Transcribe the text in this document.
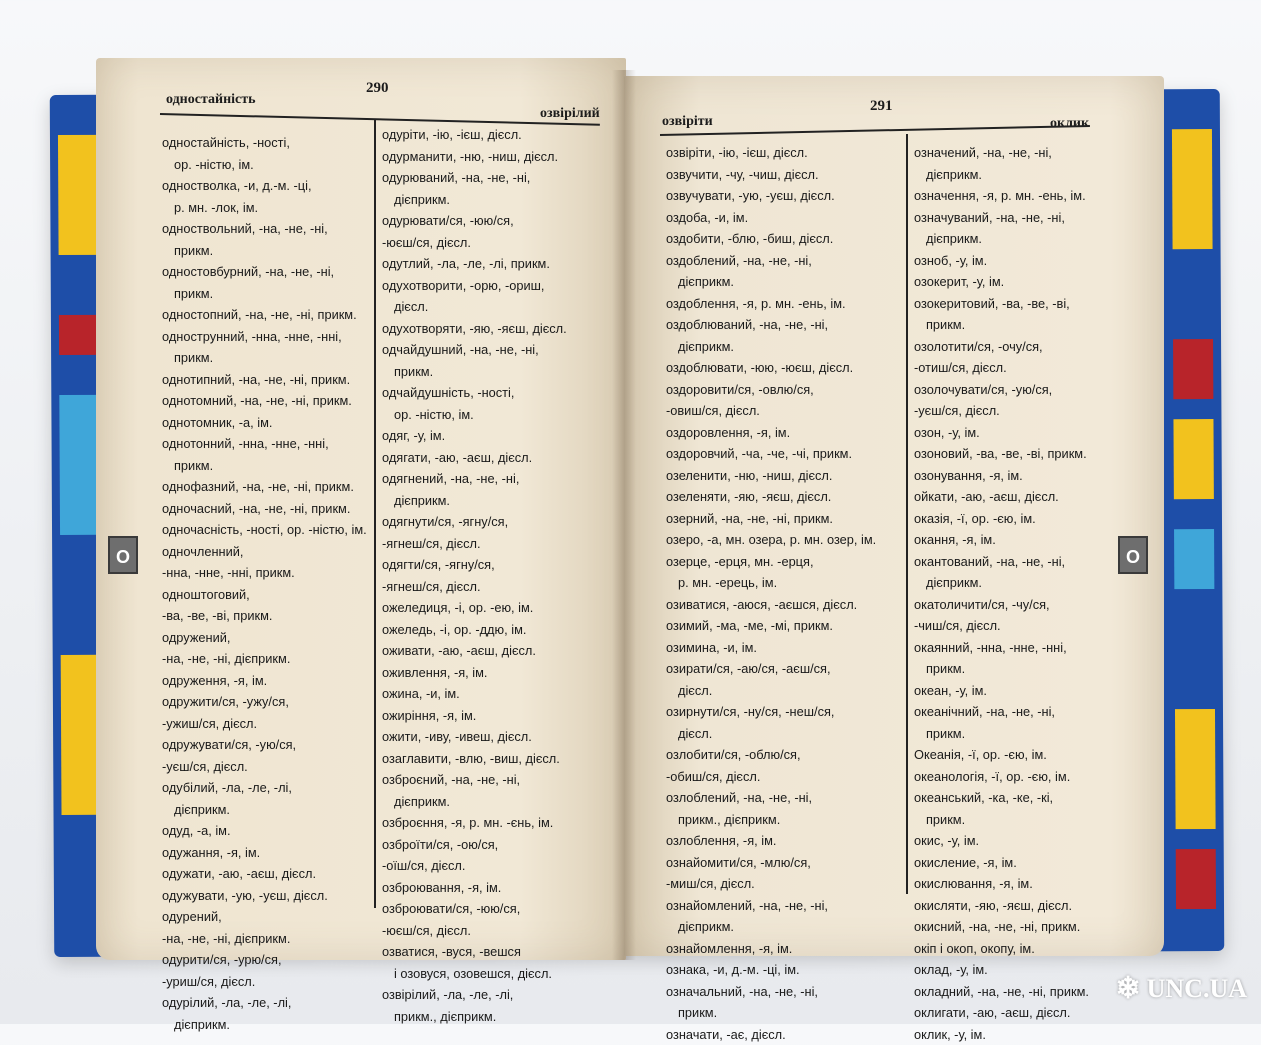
одностайність
290
озвірілий
одностайність, -ності,
ор. -ністю, ім.
одностволка, -и, д.-м. -ці,
р. мн. -лок, ім.
одноствольний, -на, -не, -ні,
прикм.
одностовбурний, -на, -не, -ні,
прикм.
одностопний, -на, -не, -ні, прикм.
однострунний, -нна, -нне, -нні,
прикм.
однотипний, -на, -не, -ні, прикм.
однотомний, -на, -не, -ні, прикм.
однотомник, -а, ім.
однотонний, -нна, -нне, -нні,
прикм.
однофазний, -на, -не, -ні, прикм.
одночасний, -на, -не, -ні, прикм.
одночасність, -ності, ор. -ністю, ім.
одночленний,
-нна, -нне, -нні, прикм.
одноштоговий,
-ва, -ве, -ві, прикм.
одружений,
-на, -не, -ні, дієприкм.
одруження, -я, ім.
одружити/ся, -ужу/ся,
-ужиш/ся, дієсл.
одружувати/ся, -ую/ся,
-уєш/ся, дієсл.
одубілий, -ла, -ле, -лі,
дієприкм.
одуд, -а, ім.
одужання, -я, ім.
одужати, -аю, -аєш, дієсл.
одужувати, -ую, -уєш, дієсл.
одурений,
-на, -не, -ні, дієприкм.
одурити/ся, -урю/ся,
-уриш/ся, дієсл.
одурілий, -ла, -ле, -лі,
дієприкм.
одуріти, -ію, -ієш, дієсл.
одурманити, -ню, -ниш, дієсл.
одурюваний, -на, -не, -ні,
дієприкм.
одурювати/ся, -юю/ся,
-юєш/ся, дієсл.
одутлий, -ла, -ле, -лі, прикм.
одухотворити, -орю, -ориш,
дієсл.
одухотворяти, -яю, -яєш, дієсл.
одчайдушний, -на, -не, -ні,
прикм.
одчайдушність, -ності,
ор. -ністю, ім.
одяг, -у, ім.
одягати, -аю, -аєш, дієсл.
одягнений, -на, -не, -ні,
дієприкм.
одягнути/ся, -ягну/ся,
-ягнеш/ся, дієсл.
одягти/ся, -ягну/ся,
-ягнеш/ся, дієсл.
ожеледиця, -і, ор. -ею, ім.
ожеледь, -і, ор. -ддю, ім.
оживати, -аю, -аєш, дієсл.
оживлення, -я, ім.
ожина, -и, ім.
ожиріння, -я, ім.
ожити, -иву, -ивеш, дієсл.
озаглавити, -влю, -виш, дієсл.
озброєний, -на, -не, -ні,
дієприкм.
озброєння, -я, р. мн. -єнь, ім.
озброїти/ся, -ою/ся,
-оїш/ся, дієсл.
озброювання, -я, ім.
озброювати/ся, -юю/ся,
-юєш/ся, дієсл.
озватися, -вуся, -вешся
і озовуся, озовешся, дієсл.
озвірілий, -ла, -ле, -лі,
прикм., дієприкм.
озвіріти
291
оклик
озвіріти, -ію, -ієш, дієсл.
озвучити, -чу, -чиш, дієсл.
озвучувати, -ую, -уєш, дієсл.
оздоба, -и, ім.
оздобити, -блю, -биш, дієсл.
оздоблений, -на, -не, -ні,
дієприкм.
оздоблення, -я, р. мн. -ень, ім.
оздоблюваний, -на, -не, -ні,
дієприкм.
оздоблювати, -юю, -юєш, дієсл.
оздоровити/ся, -овлю/ся,
-овиш/ся, дієсл.
оздоровлення, -я, ім.
оздоровчий, -ча, -че, -чі, прикм.
озеленити, -ню, -ниш, дієсл.
озеленяти, -яю, -яєш, дієсл.
озерний, -на, -не, -ні, прикм.
озеро, -а, мн. озера, р. мн. озер, ім.
озерце, -ерця, мн. -ерця,
р. мн. -ерець, ім.
озиватися, -аюся, -аєшся, дієсл.
озимий, -ма, -ме, -мі, прикм.
озимина, -и, ім.
озирати/ся, -аю/ся, -аєш/ся,
дієсл.
озирнути/ся, -ну/ся, -неш/ся,
дієсл.
озлобити/ся, -облю/ся,
-обиш/ся, дієсл.
озлоблений, -на, -не, -ні,
прикм., дієприкм.
озлоблення, -я, ім.
ознайомити/ся, -млю/ся,
-миш/ся, дієсл.
ознайомлений, -на, -не, -ні,
дієприкм.
ознайомлення, -я, ім.
ознака, -и, д.-м. -ці, ім.
означальний, -на, -не, -ні,
прикм.
означати, -ає, дієсл.
означений, -на, -не, -ні,
дієприкм.
означення, -я, р. мн. -ень, ім.
означуваний, -на, -не, -ні,
дієприкм.
озноб, -у, ім.
озокерит, -у, ім.
озокеритовий, -ва, -ве, -ві,
прикм.
озолотити/ся, -очу/ся,
-отиш/ся, дієсл.
озолочувати/ся, -ую/ся,
-уєш/ся, дієсл.
озон, -у, ім.
озоновий, -ва, -ве, -ві, прикм.
озонування, -я, ім.
ойкати, -аю, -аєш, дієсл.
оказія, -ї, ор. -єю, ім.
окання, -я, ім.
окантований, -на, -не, -ні,
дієприкм.
окатоличити/ся, -чу/ся,
-чиш/ся, дієсл.
окаянний, -нна, -нне, -нні,
прикм.
океан, -у, ім.
океанічний, -на, -не, -ні,
прикм.
Океанія, -ї, ор. -єю, ім.
океанологія, -ї, ор. -єю, ім.
океанський, -ка, -ке, -кі,
прикм.
окис, -у, ім.
окисление, -я, ім.
окислювання, -я, ім.
окисляти, -яю, -яєш, дієсл.
окисний, -на, -не, -ні, прикм.
окіп і окоп, окопу, ім.
оклад, -у, ім.
окладний, -на, -не, -ні, прикм.
оклигати, -аю, -аєш, дієсл.
оклик, -у, ім.
О	О
❄ UNC.UA
